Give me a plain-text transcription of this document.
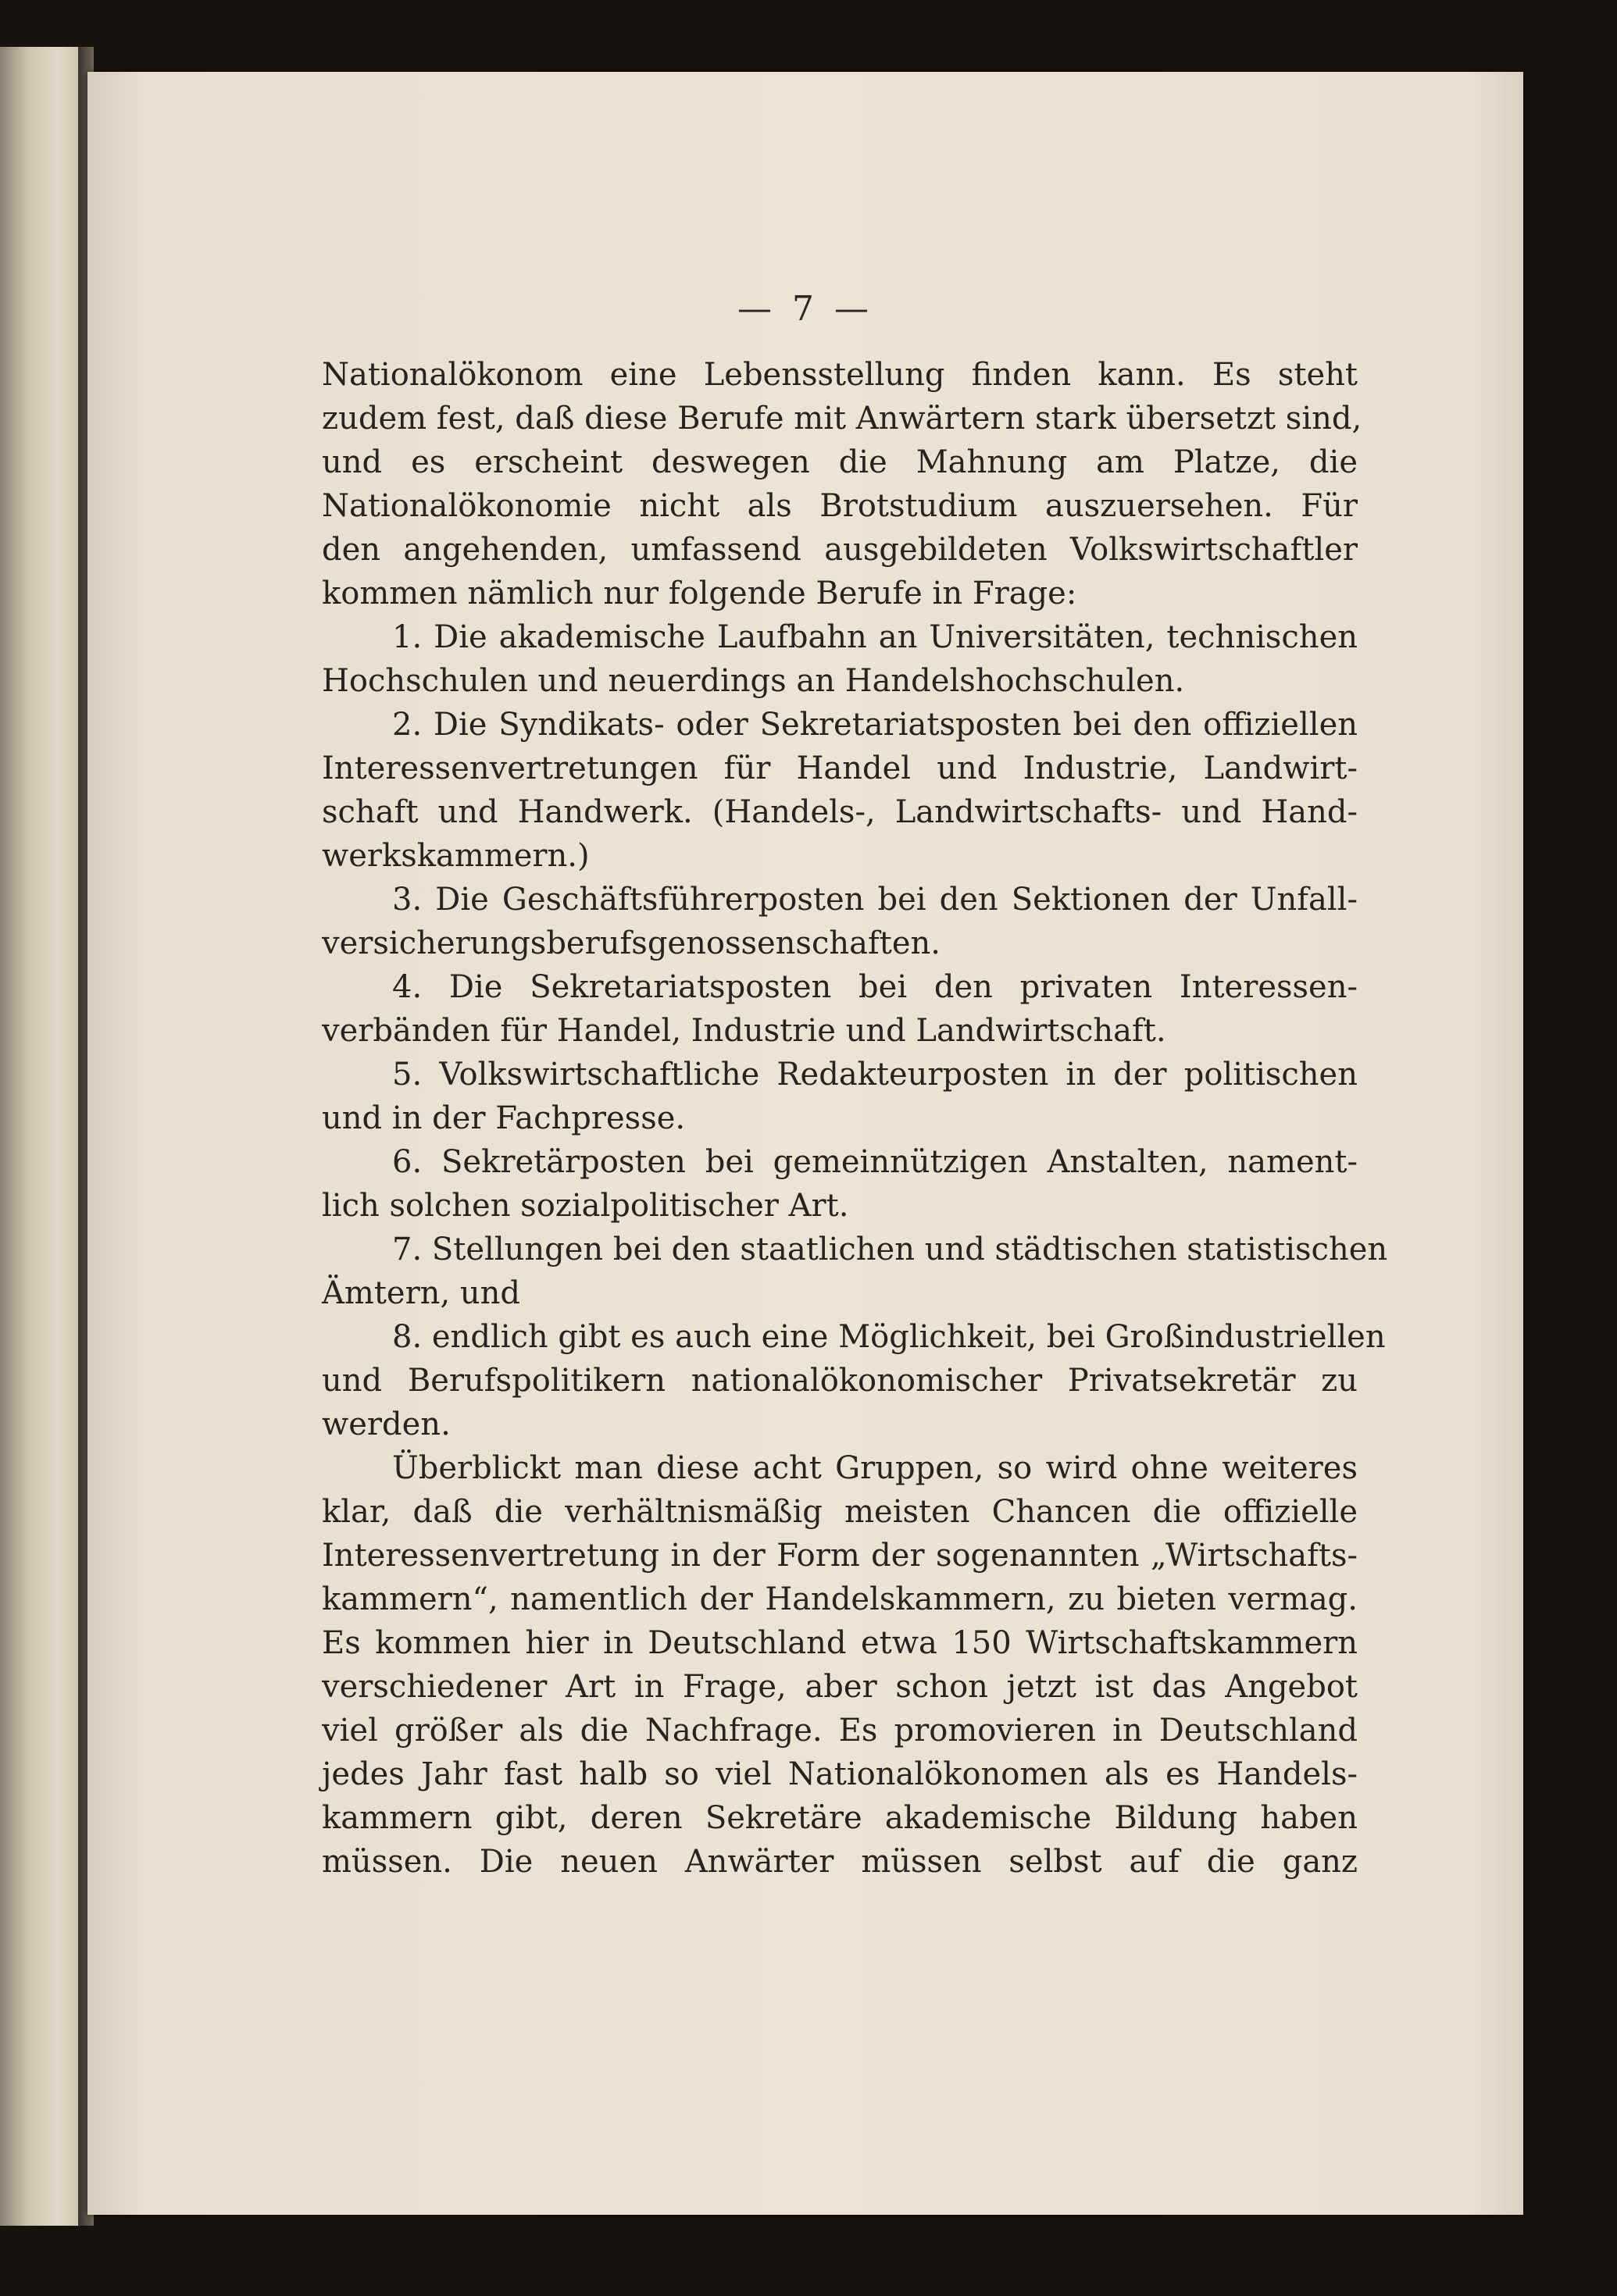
— 7 —
Nationalökonom eine Lebensstellung finden kann. Es steht
zudem fest, daß diese Berufe mit Anwärtern stark übersetzt sind,
und es erscheint deswegen die Mahnung am Platze, die
Nationalökonomie nicht als Brotstudium auszuersehen. Für
den angehenden, umfassend ausgebildeten Volkswirtschaftler
kommen nämlich nur folgende Berufe in Frage:
1. Die akademische Laufbahn an Universitäten, technischen
Hochschulen und neuerdings an Handelshochschulen.
2. Die Syndikats- oder Sekretariatsposten bei den offiziellen
Interessenvertretungen für Handel und Industrie, Landwirt-
schaft und Handwerk. (Handels-, Landwirtschafts- und Hand-
werkskammern.)
3. Die Geschäftsführerposten bei den Sektionen der Unfall-
versicherungsberufsgenossenschaften.
4. Die Sekretariatsposten bei den privaten Interessen-
verbänden für Handel, Industrie und Landwirtschaft.
5. Volkswirtschaftliche Redakteurposten in der politischen
und in der Fachpresse.
6. Sekretärposten bei gemeinnützigen Anstalten, nament-
lich solchen sozialpolitischer Art.
7. Stellungen bei den staatlichen und städtischen statistischen
Ämtern, und
8. endlich gibt es auch eine Möglichkeit, bei Großindustriellen
und Berufspolitikern nationalökonomischer Privatsekretär zu
werden.
Überblickt man diese acht Gruppen, so wird ohne weiteres
klar, daß die verhältnismäßig meisten Chancen die offizielle
Interessenvertretung in der Form der sogenannten „Wirtschafts-
kammern“, namentlich der Handelskammern, zu bieten vermag.
Es kommen hier in Deutschland etwa 150 Wirtschaftskammern
verschiedener Art in Frage, aber schon jetzt ist das Angebot
viel größer als die Nachfrage. Es promovieren in Deutschland
jedes Jahr fast halb so viel Nationalökonomen als es Handels-
kammern gibt, deren Sekretäre akademische Bildung haben
müssen. Die neuen Anwärter müssen selbst auf die ganz
